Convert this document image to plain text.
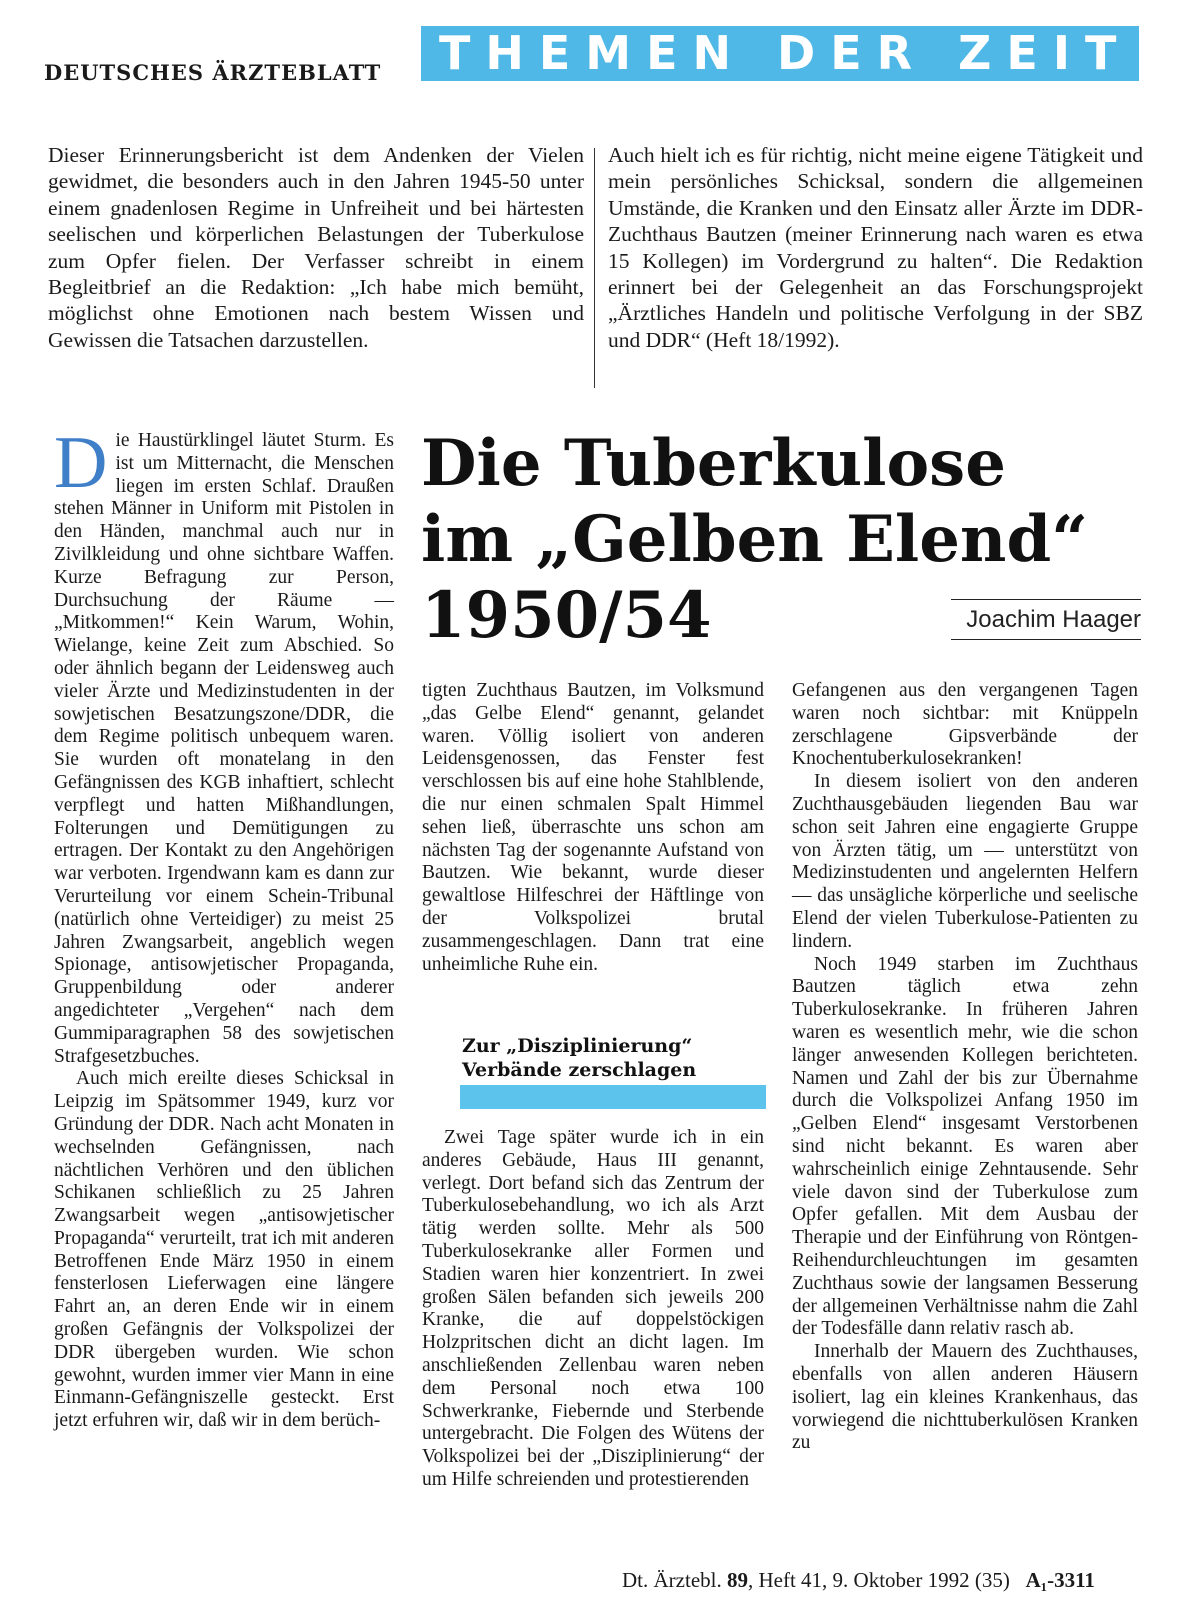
DEUTSCHES ÄRZTEBLATT	THEMEN DER ZEIT
Dieser Erinnerungsbericht ist dem Andenken der Vielen gewidmet, die besonders auch in den Jahren 1945-50 unter einem gnadenlosen Regime in Unfreiheit und bei härtesten seelischen und körperlichen Belastungen der Tuberkulose zum Opfer fielen. Der Verfasser schreibt in einem Begleitbrief an die Redaktion: „Ich habe mich bemüht, möglichst ohne Emotionen nach bestem Wissen und Gewissen die Tatsachen darzustellen.
Auch hielt ich es für richtig, nicht meine eigene Tätigkeit und mein persönliches Schicksal, sondern die allgemeinen Umstände, die Kranken und den Einsatz aller Ärzte im DDR-Zuchthaus Bautzen (meiner Erinnerung nach waren es etwa 15 Kollegen) im Vordergrund zu halten“. Die Redaktion erinnert bei der Gelegenheit an das Forschungsprojekt „Ärztliches Handeln und politische Verfolgung in der SBZ und DDR“ (Heft 18/1992).

Die Haustürklingel läutet Sturm. Es ist um Mitternacht, die Menschen liegen im ersten Schlaf. Draußen stehen Männer in Uniform mit Pistolen in den Händen, manchmal auch nur in Zivilkleidung und ohne sichtbare Waffen. Kurze Befragung zur Person, Durchsuchung der Räume — „Mitkommen!“ Kein Warum, Wohin, Wielange, keine Zeit zum Abschied. So oder ähnlich begann der Leidensweg auch vieler Ärzte und Medizinstudenten in der sowjetischen Besatzungszone/DDR, die dem Regime politisch unbequem waren. Sie wurden oft monatelang in den Gefängnissen des KGB inhaftiert, schlecht verpflegt und hatten Mißhandlungen, Folterungen und Demütigungen zu ertragen. Der Kontakt zu den Angehörigen war verboten. Irgendwann kam es dann zur Verurteilung vor einem Schein-Tribunal (natürlich ohne Verteidiger) zu meist 25 Jahren Zwangsarbeit, angeblich wegen Spionage, antisowjetischer Propaganda, Gruppenbildung oder anderer angedichteter „Vergehen“ nach dem Gummiparagraphen 58 des sowjetischen Strafgesetzbuches.

Auch mich ereilte dieses Schicksal in Leipzig im Spätsommer 1949, kurz vor Gründung der DDR. Nach acht Monaten in wechselnden Gefängnissen, nach nächtlichen Verhören und den üblichen Schikanen schließlich zu 25 Jahren Zwangsarbeit wegen „antisowjetischer Propaganda“ verurteilt, trat ich mit anderen Betroffenen Ende März 1950 in einem fensterlosen Lieferwagen eine längere Fahrt an, an deren Ende wir in einem großen Gefängnis der Volkspolizei der DDR übergeben wurden. Wie schon gewohnt, wurden immer vier Mann in eine Einmann-Gefängniszelle gesteckt. Erst jetzt erfuhren wir, daß wir in dem berüch-

Die Tuberkulose
im „Gelben Elend“
1950/54	Joachim Haager

tigten Zuchthaus Bautzen, im Volksmund „das Gelbe Elend“ genannt, gelandet waren. Völlig isoliert von anderen Leidensgenossen, das Fenster fest verschlossen bis auf eine hohe Stahlblende, die nur einen schmalen Spalt Himmel sehen ließ, überraschte uns schon am nächsten Tag der sogenannte Aufstand von Bautzen. Wie bekannt, wurde dieser gewaltlose Hilfeschrei der Häftlinge von der Volkspolizei brutal zusammengeschlagen. Dann trat eine unheimliche Ruhe ein.

Zur „Disziplinierung“
Verbände zerschlagen

Zwei Tage später wurde ich in ein anderes Gebäude, Haus III genannt, verlegt. Dort befand sich das Zentrum der Tuberkulosebehandlung, wo ich als Arzt tätig werden sollte. Mehr als 500 Tuberkulosekranke aller Formen und Stadien waren hier konzentriert. In zwei großen Sälen befanden sich jeweils 200 Kranke, die auf doppelstöckigen Holzpritschen dicht an dicht lagen. Im anschließenden Zellenbau waren neben dem Personal noch etwa 100 Schwerkranke, Fiebernde und Sterbende untergebracht. Die Folgen des Wütens der Volkspolizei bei der „Disziplinierung“ der um Hilfe schreienden und protestierenden

Gefangenen aus den vergangenen Tagen waren noch sichtbar: mit Knüppeln zerschlagene Gipsverbände der Knochentuberkulosekranken!

In diesem isoliert von den anderen Zuchthausgebäuden liegenden Bau war schon seit Jahren eine engagierte Gruppe von Ärzten tätig, um — unterstützt von Medizinstudenten und angelernten Helfern — das unsägliche körperliche und seelische Elend der vielen Tuberkulose-Patienten zu lindern.

Noch 1949 starben im Zuchthaus Bautzen täglich etwa zehn Tuberkulosekranke. In früheren Jahren waren es wesentlich mehr, wie die schon länger anwesenden Kollegen berichteten. Namen und Zahl der bis zur Übernahme durch die Volkspolizei Anfang 1950 im „Gelben Elend“ insgesamt Verstorbenen sind nicht bekannt. Es waren aber wahrscheinlich einige Zehntausende. Sehr viele davon sind der Tuberkulose zum Opfer gefallen. Mit dem Ausbau der Therapie und der Einführung von Röntgen-Reihendurchleuchtungen im gesamten Zuchthaus sowie der langsamen Besserung der allgemeinen Verhältnisse nahm die Zahl der Todesfälle dann relativ rasch ab.

Innerhalb der Mauern des Zuchthauses, ebenfalls von allen anderen Häusern isoliert, lag ein kleines Krankenhaus, das vorwiegend die nichttuberkulösen Kranken zu

Dt. Ärztebl. 89, Heft 41, 9. Oktober 1992 (35) A₁-3311
